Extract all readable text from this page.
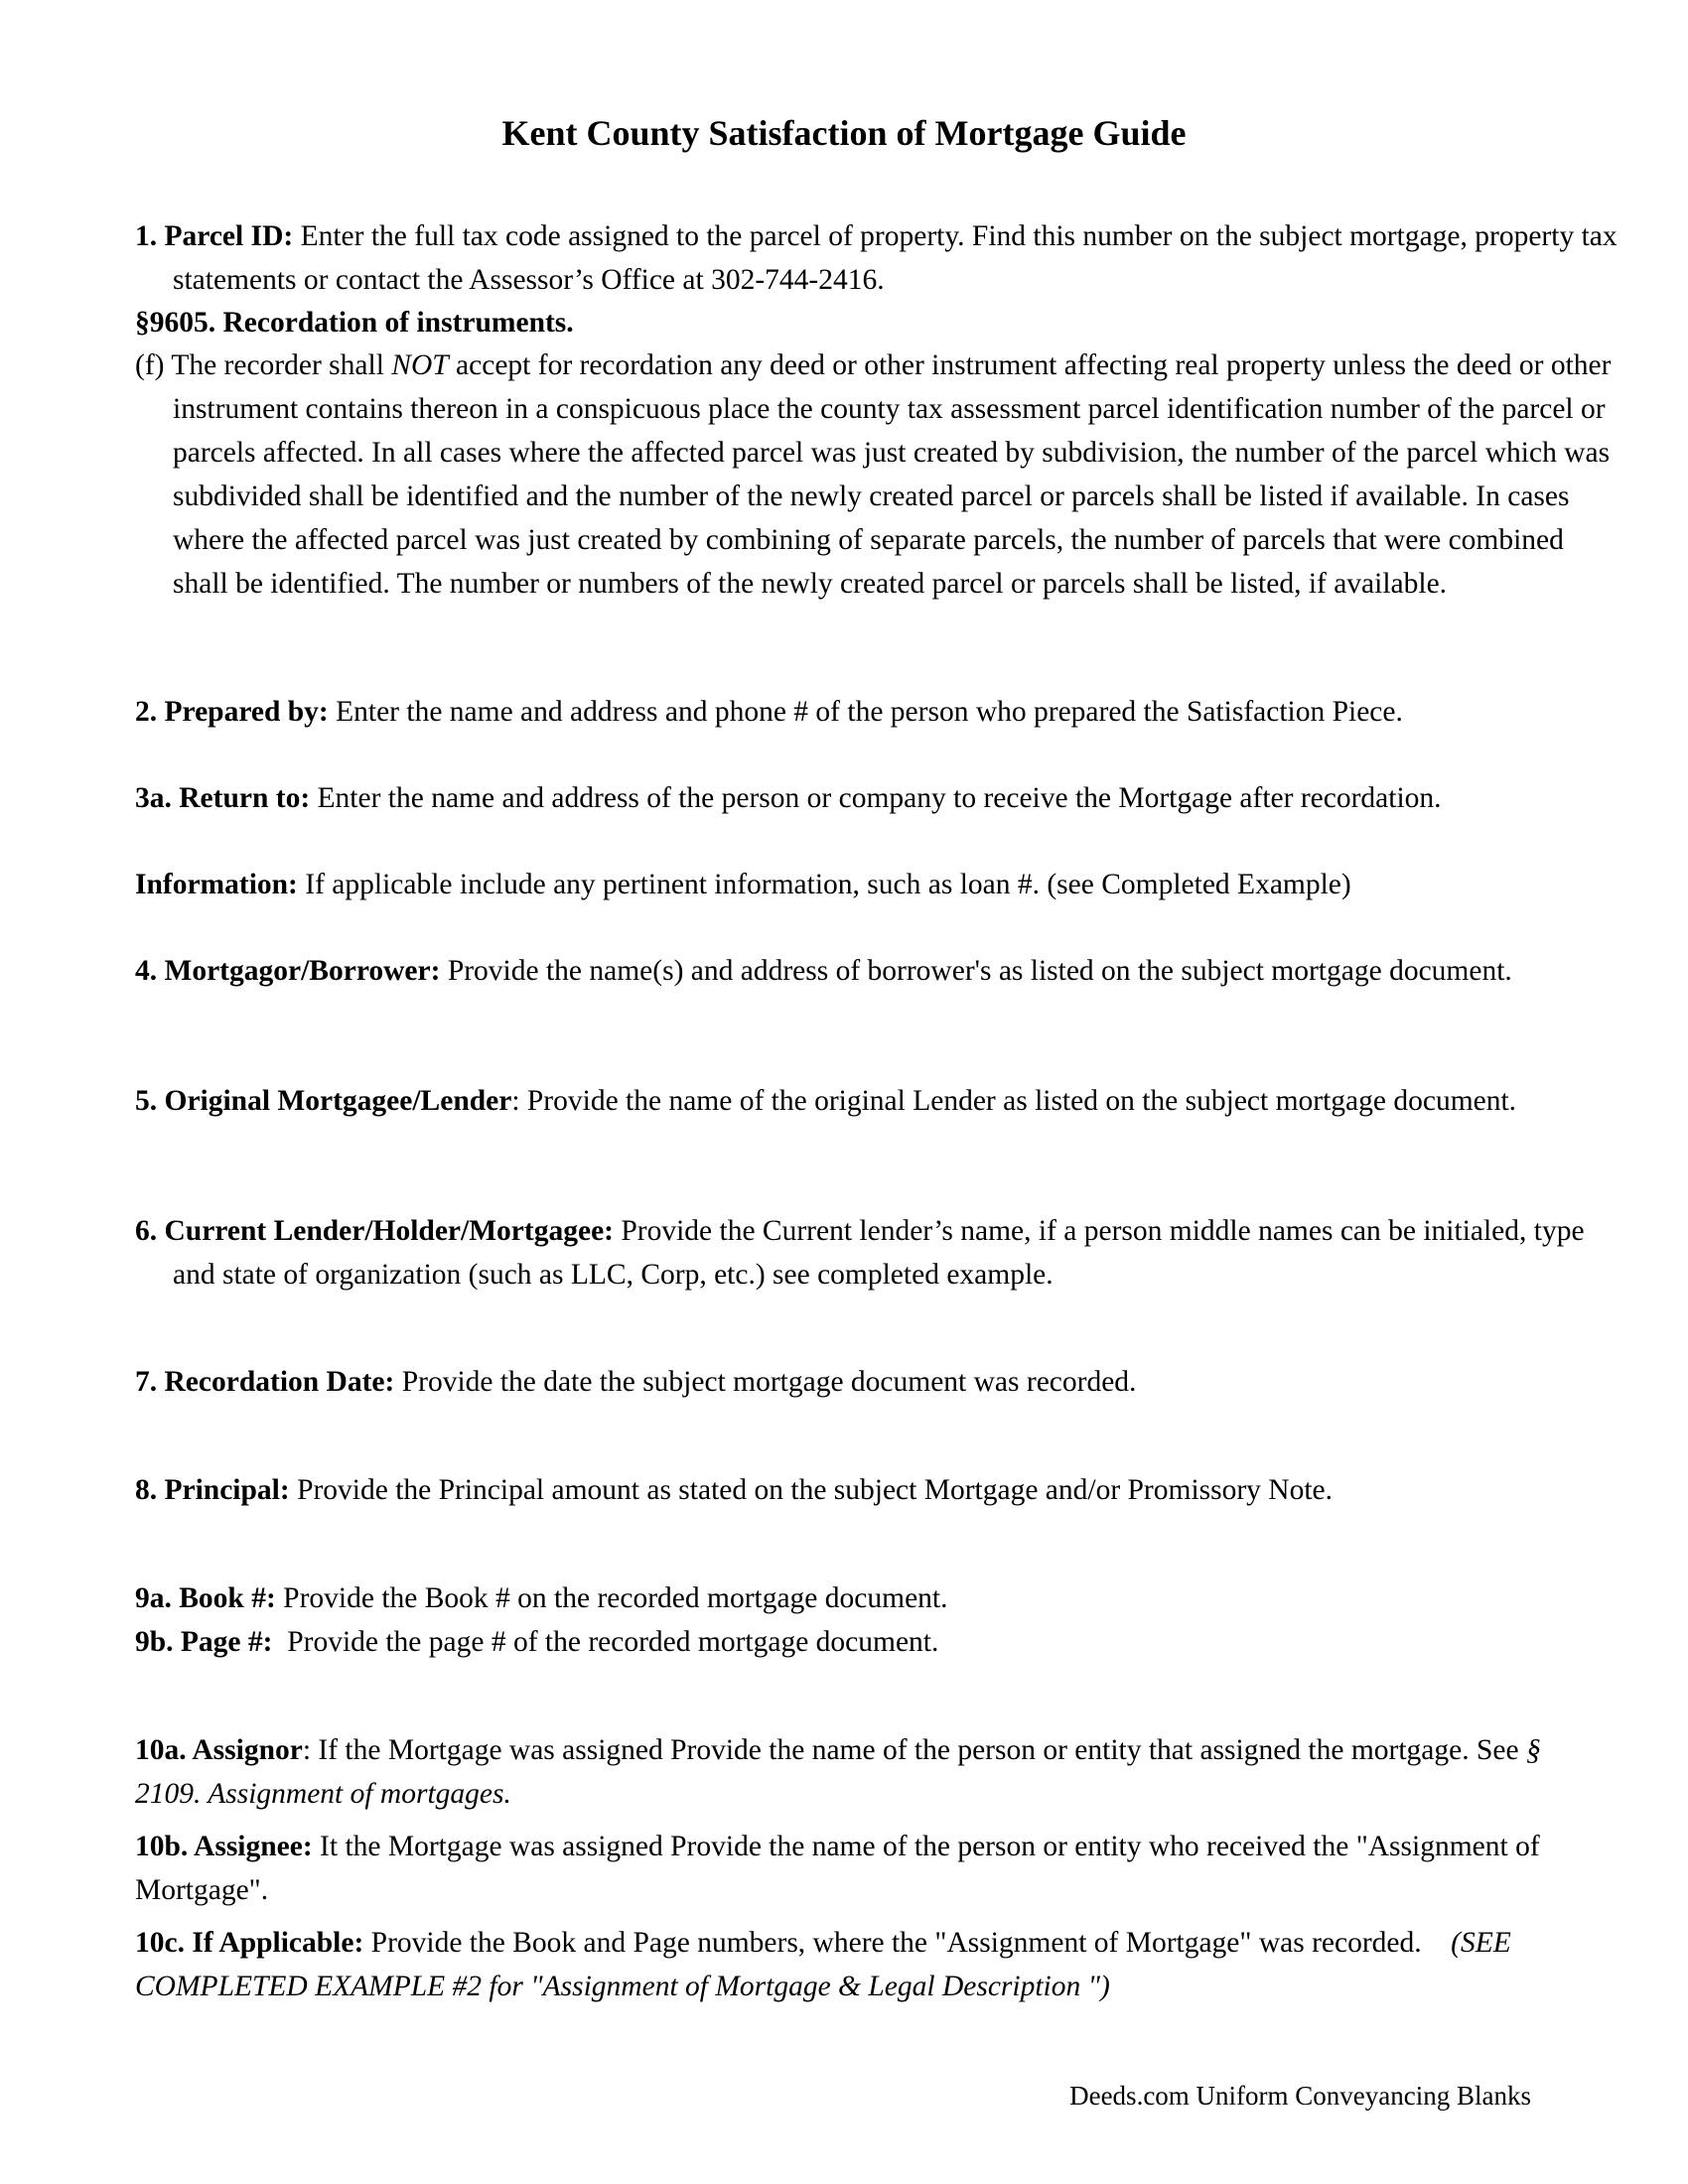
Kent County Satisfaction of Mortgage Guide

1. Parcel ID: Enter the full tax code assigned to the parcel of property. Find this number on the subject mortgage, property tax statements or contact the Assessor’s Office at 302-744-2416.

§9605. Recordation of instruments.

(f) The recorder shall NOT accept for recordation any deed or other instrument affecting real property unless the deed or other instrument contains thereon in a conspicuous place the county tax assessment parcel identification number of the parcel or parcels affected. In all cases where the affected parcel was just created by subdivision, the number of the parcel which was subdivided shall be identified and the number of the newly created parcel or parcels shall be listed if available. In cases where the affected parcel was just created by combining of separate parcels, the number of parcels that were combined shall be identified. The number or numbers of the newly created parcel or parcels shall be listed, if available.

2. Prepared by: Enter the name and address and phone # of the person who prepared the Satisfaction Piece.

3a. Return to: Enter the name and address of the person or company to receive the Mortgage after recordation.

Information: If applicable include any pertinent information, such as loan #. (see Completed Example)

4. Mortgagor/Borrower: Provide the name(s) and address of borrower's as listed on the subject mortgage document.

5. Original Mortgagee/Lender: Provide the name of the original Lender as listed on the subject mortgage document.

6. Current Lender/Holder/Mortgagee: Provide the Current lender’s name, if a person middle names can be initialed, type and state of organization (such as LLC, Corp, etc.) see completed example.

7. Recordation Date: Provide the date the subject mortgage document was recorded.

8. Principal: Provide the Principal amount as stated on the subject Mortgage and/or Promissory Note.

9a. Book #: Provide the Book # on the recorded mortgage document.

9b. Page #:  Provide the page # of the recorded mortgage document.

10a. Assignor: If the Mortgage was assigned Provide the name of the person or entity that assigned the mortgage. See § 2109. Assignment of mortgages.

10b. Assignee: It the Mortgage was assigned Provide the name of the person or entity who received the "Assignment of Mortgage".

10c. If Applicable: Provide the Book and Page numbers, where the "Assignment of Mortgage" was recorded.    (SEE COMPLETED EXAMPLE #2 for "Assignment of Mortgage & Legal Description ")

Deeds.com Uniform Conveyancing Blanks
